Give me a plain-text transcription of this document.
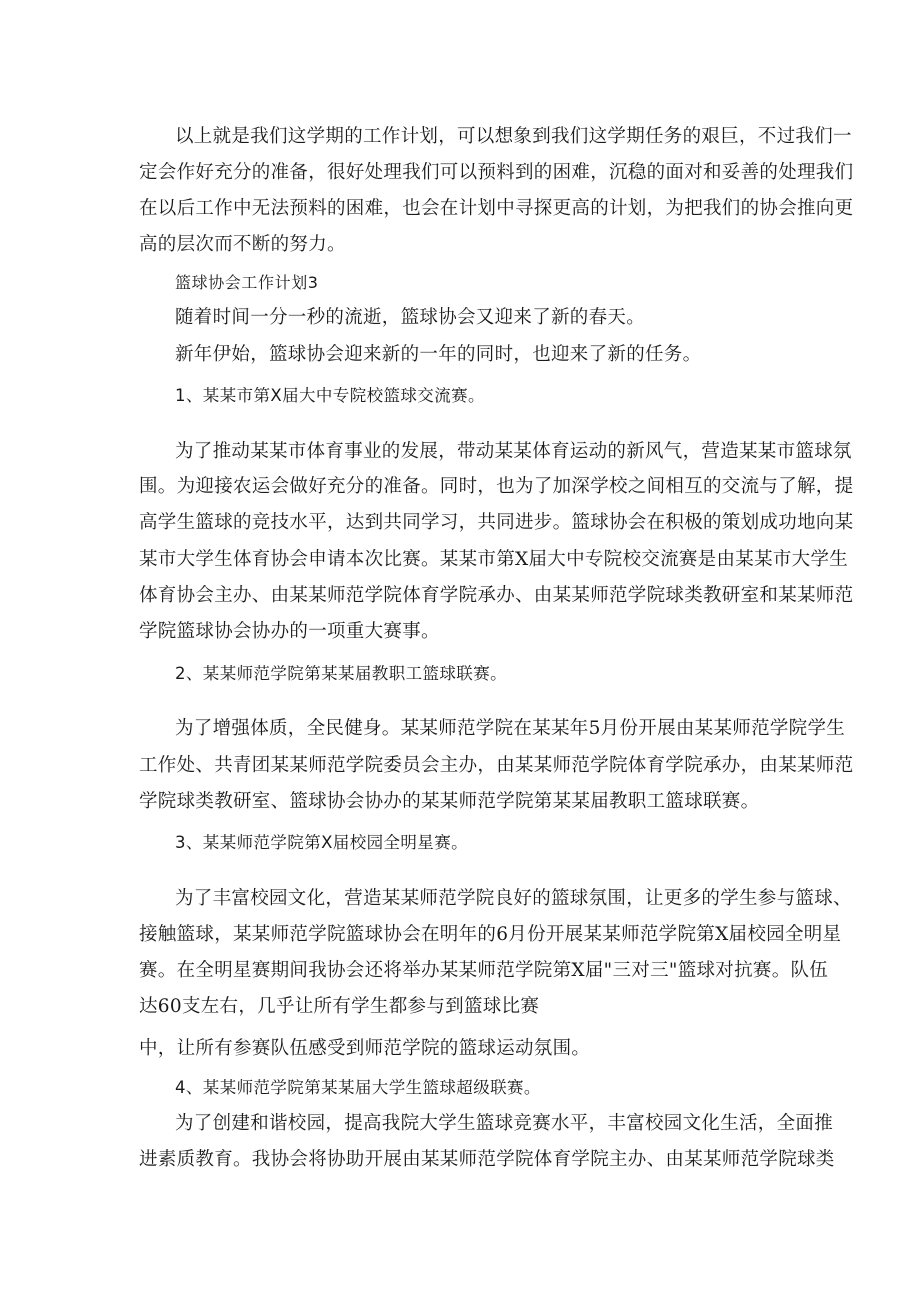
以上就是我们这学期的工作计划，可以想象到我们这学期任务的艰巨，不过我们一
定会作好充分的准备，很好处理我们可以预料到的困难，沉稳的面对和妥善的处理我们
在以后工作中无法预料的困难，也会在计划中寻探更高的计划，为把我们的协会推向更
高的层次而不断的努力。
篮球协会工作计划3
随着时间一分一秒的流逝，篮球协会又迎来了新的春天。
新年伊始，篮球协会迎来新的一年的同时，也迎来了新的任务。
1、某某市第X届大中专院校篮球交流赛。
为了推动某某市体育事业的发展，带动某某体育运动的新风气，营造某某市篮球氛
围。为迎接农运会做好充分的准备。同时，也为了加深学校之间相互的交流与了解，提
高学生篮球的竞技水平，达到共同学习，共同进步。篮球协会在积极的策划成功地向某
某市大学生体育协会申请本次比赛。某某市第X届大中专院校交流赛是由某某市大学生
体育协会主办、由某某师范学院体育学院承办、由某某师范学院球类教研室和某某师范
学院篮球协会协办的一项重大赛事。
2、某某师范学院第某某届教职工篮球联赛。
为了增强体质，全民健身。某某师范学院在某某年5月份开展由某某师范学院学生
工作处、共青团某某师范学院委员会主办，由某某师范学院体育学院承办，由某某师范
学院球类教研室、篮球协会协办的某某师范学院第某某届教职工篮球联赛。
3、某某师范学院第X届校园全明星赛。
为了丰富校园文化，营造某某师范学院良好的篮球氛围，让更多的学生参与篮球、
接触篮球，某某师范学院篮球协会在明年的6月份开展某某师范学院第X届校园全明星
赛。在全明星赛期间我协会还将举办某某师范学院第X届"三对三"篮球对抗赛。队伍
达60支左右，几乎让所有学生都参与到篮球比赛
中，让所有参赛队伍感受到师范学院的篮球运动氛围。
4、某某师范学院第某某届大学生篮球超级联赛。
为了创建和谐校园，提高我院大学生篮球竞赛水平，丰富校园文化生活，全面推
进素质教育。我协会将协助开展由某某师范学院体育学院主办、由某某师范学院球类
